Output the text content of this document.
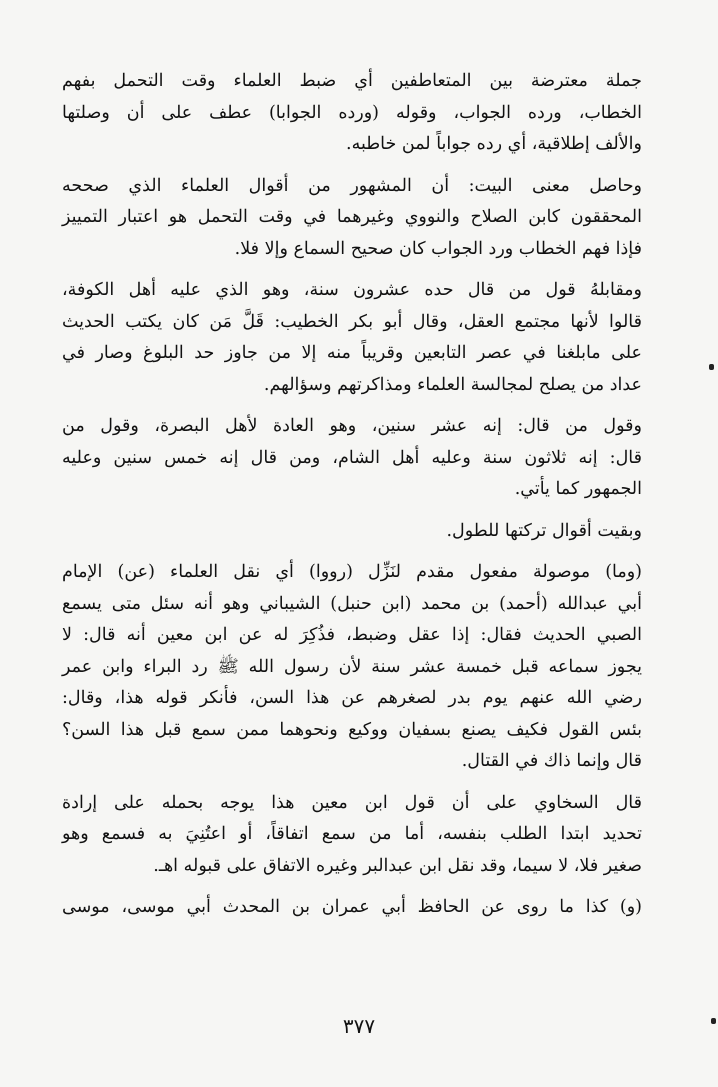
جملة معترضة بين المتعاطفين أي ضبط العلماء وقت التحمل بفهم
الخطاب، ورده الجواب، وقوله (ورده الجوابا) عطف على أن وصلتها
والألف إطلاقية، أي رده جواباً لمن خاطبه.
وحاصل معنى البيت: أن المشهور من أقوال العلماء الذي صححه
المحققون كابن الصلاح والنووي وغيرهما في وقت التحمل هو اعتبار التمييز
فإذا فهم الخطاب ورد الجواب كان صحيح السماع وإلا فلا.
ومقابلهُ قول من قال حده عشرون سنة، وهو الذي عليه أهل الكوفة،
قالوا لأنها مجتمع العقل، وقال أبو بكر الخطيب: قَلَّ مَن كان يكتب الحديث
على مابلغنا في عصر التابعين وقريباً منه إلا من جاوز حد البلوغ وصار في
عداد من يصلح لمجالسة العلماء ومذاكرتهم وسؤالهم.
وقول من قال: إنه عشر سنين، وهو العادة لأهل البصرة، وقول من
قال: إنه ثلاثون سنة وعليه أهل الشام، ومن قال إنه خمس سنين وعليه
الجمهور كما يأتي.
وبقيت أقوال تركتها للطول.
(وما) موصولة مفعول مقدم لنَزِّل (رووا) أي نقل العلماء (عن) الإمام
أبي عبدالله (أحمد) بن محمد (ابن حنبل) الشيباني وهو أنه سئل متى يسمع
الصبي الحديث فقال: إذا عقل وضبط، فذُكِرَ له عن ابن معين أنه قال: لا
يجوز سماعه قبل خمسة عشر سنة لأن رسول الله ﷺ رد البراء وابن عمر
رضي الله عنهم يوم بدر لصغرهم عن هذا السن، فأنكر قوله هذا، وقال:
بئس القول فكيف يصنع بسفيان ووكيع ونحوهما ممن سمع قبل هذا السن؟
قال وإنما ذاك في القتال.
قال السخاوي على أن قول ابن معين هذا يوجه بحمله على إرادة
تحديد ابتدا الطلب بنفسه، أما من سمع اتفاقاً، أو اعتُنِيَ به فسمع وهو
صغير فلا، لا سيما، وقد نقل ابن عبدالبر وغيره الاتفاق على قبوله اهـ.
(و) كذا ما روى عن الحافظ أبي عمران بن المحدث أبي موسى، موسى
٣٧٧
